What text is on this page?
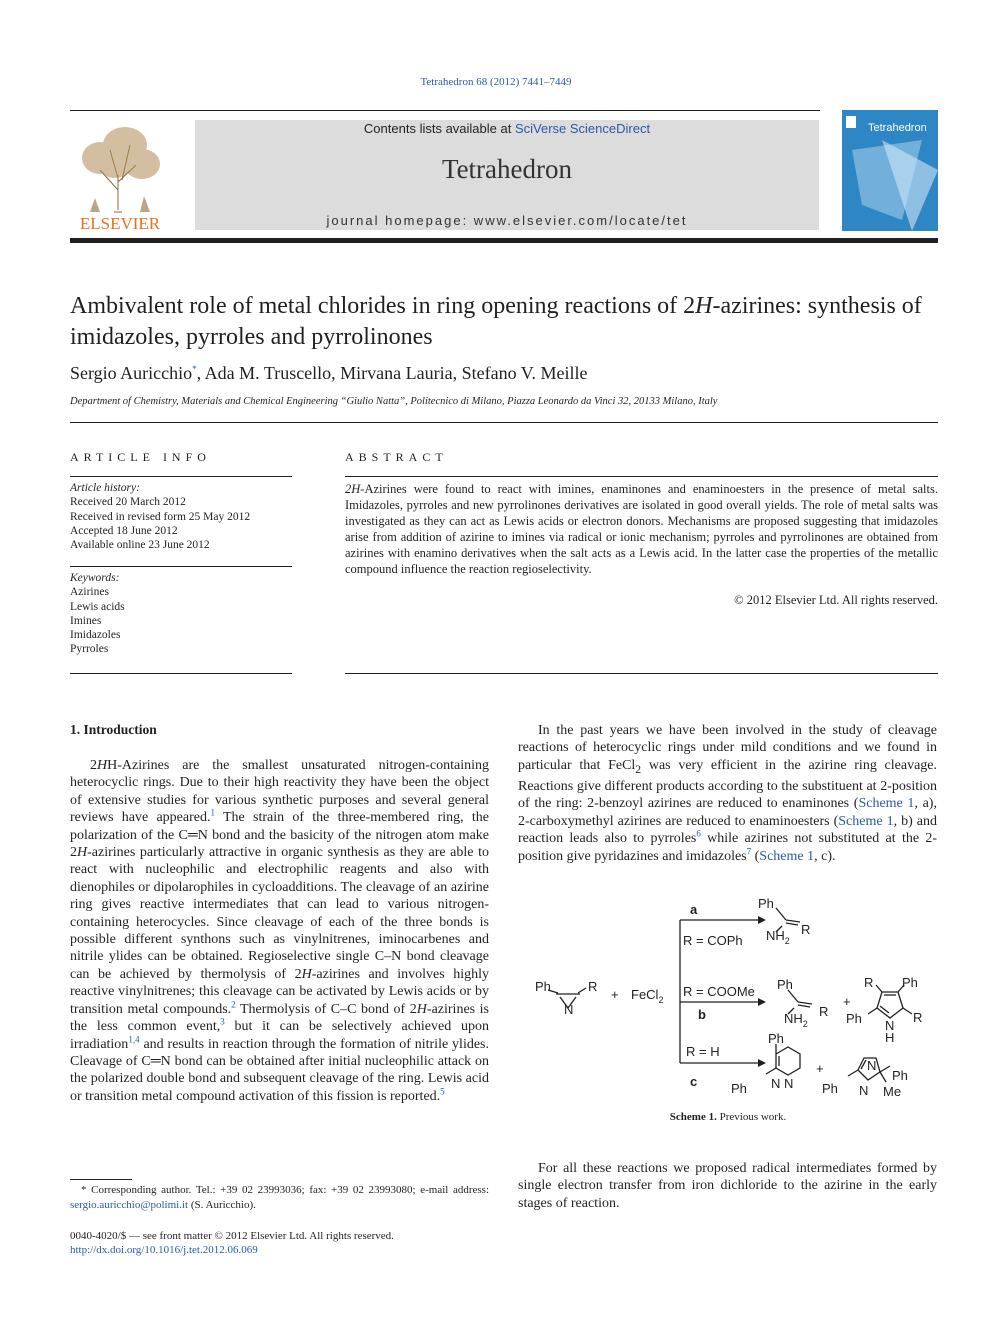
Tetrahedron 68 (2012) 7441–7449
ELSEVIER
Contents lists available at SciVerse ScienceDirect
Tetrahedron
journal homepage: www.elsevier.com/locate/tet
Tetrahedron
Ambivalent role of metal chlorides in ring opening reactions of 2H-azirines: synthesis of imidazoles, pyrroles and pyrrolinones
Sergio Auricchio*, Ada M. Truscello, Mirvana Lauria, Stefano V. Meille
Department of Chemistry, Materials and Chemical Engineering “Giulio Natta”, Politecnico di Milano, Piazza Leonardo da Vinci 32, 20133 Milano, Italy
ARTICLE INFO	ABSTRACT
Article history:
Received 20 March 2012
Received in revised form 25 May 2012
Accepted 18 June 2012
Available online 23 June 2012
Keywords:
Azirines
Lewis acids
Imines
Imidazoles
Pyrroles
2H-Azirines were found to react with imines, enaminones and enaminoesters in the presence of metal salts. Imidazoles, pyrroles and new pyrrolinones derivatives are isolated in good overall yields. The role of metal salts was investigated as they can act as Lewis acids or electron donors. Mechanisms are proposed suggesting that imidazoles arise from addition of azirine to imines via radical or ionic mechanism; pyrroles and pyrrolinones are obtained from azirines with enamino derivatives when the salt acts as a Lewis acid. In the latter case the properties of the metallic compound influence the reaction regioselectivity.
© 2012 Elsevier Ltd. All rights reserved.
1. Introduction
2HH-Azirines are the smallest unsaturated nitrogen-containing heterocyclic rings. Due to their high reactivity they have been the object of extensive studies for various synthetic purposes and several general reviews have appeared.$^1$ The strain of the three-membered ring, the polarization of the C═N bond and the basicity of the nitrogen atom make 2H-azirines particularly attractive in organic synthesis as they are able to react with nucleophilic and electrophilic reagents and also with dienophiles or dipolarophiles in cycloadditions. The cleavage of an azirine ring gives reactive intermediates that can lead to various nitrogen-containing heterocycles. Since cleavage of each of the three bonds is possible different synthons such as vinylnitrenes, iminocarbenes and nitrile ylides can be obtained. Regioselective single C–N bond cleavage can be achieved by thermolysis of 2H-azirines and involves highly reactive vinylnitrenes; this cleavage can be activated by Lewis acids or by transition metal compounds.$^2$ Thermolysis of C–C bond of 2H-azirines is the less common event,$^3$ but it can be selectively achieved upon irradiation$^{1,4}$ and results in reaction through the formation of nitrile ylides. Cleavage of C═N bond can be obtained after initial nucleophilic attack on the polarized double bond and subsequent cleavage of the ring. Lewis acid or transition metal compound activation of this fission is reported.$^5$
In the past years we have been involved in the study of cleavage reactions of heterocyclic rings under mild conditions and we found in particular that FeCl$_2$ was very efficient in the azirine ring cleavage. Reactions give different products according to the substituent at 2-position of the ring: 2-benzoyl azirines are reduced to enaminones (Scheme 1, a), 2-carboxymethyl azirines are reduced to enaminoesters (Scheme 1, b) and reaction leads also to pyrroles$^6$ while azirines not substituted at the 2-position give pyridazines and imidazoles$^7$ (Scheme 1, c).
Ph	R
N
+ FeCl$_2$
a
R = COPh
R = COOMe
b
R = H
c
Ph
R
$NH_2$
Ph
R
$NH_2$
+
R Ph
Ph	R
N
H
Ph
Ph N N
+	N
N
Ph
Ph	Me
Scheme 1. Previous work.
For all these reactions we proposed radical intermediates formed by single electron transfer from iron dichloride to the azirine in the early stages of reaction.
 * Corresponding author. Tel.: +39 02 23993036; fax: +39 02 23993080; e-mail address: sergio.auricchio@polimi.it (S. Auricchio).
0040-4020/$ — see front matter © 2012 Elsevier Ltd. All rights reserved.
http://dx.doi.org/10.1016/j.tet.2012.06.069
